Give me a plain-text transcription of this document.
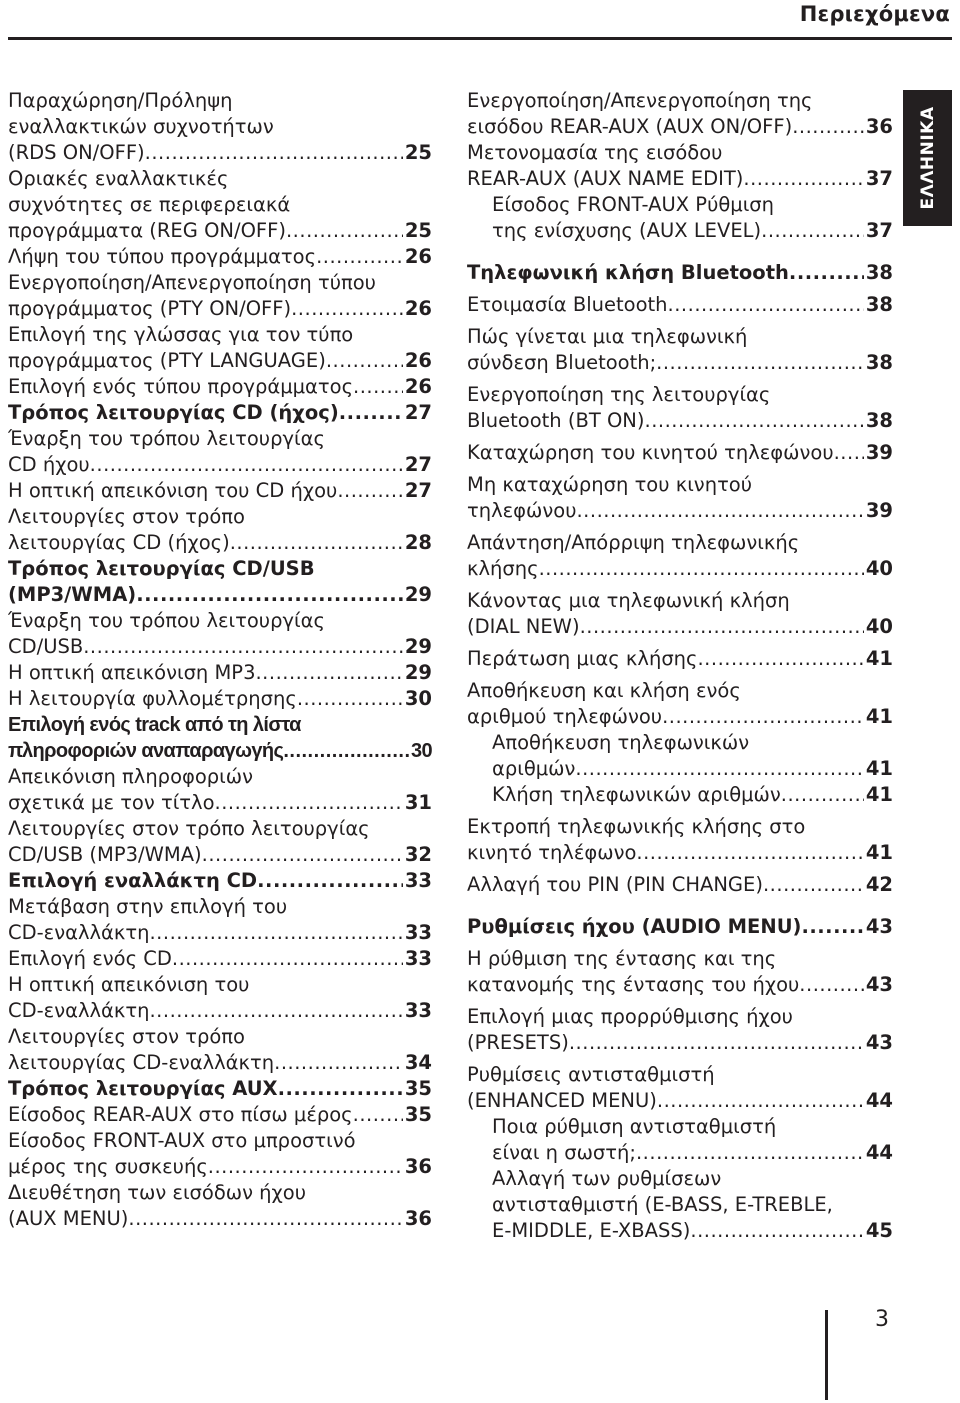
Περιεχόμενα
Παραχώρηση/Πρόληψη
εναλλακτικών συχνοτήτων
(RDS ON/OFF) .....	25
Οριακές εναλλακτικές
συχνότητες σε περιφερειακά
προγράμματα (REG ON/OFF) .....	25
Λήψη του τύπου προγράμματος .....	26
Ενεργοποίηση/Απενεργοποίηση τύπου
προγράμματος (PTY ON/OFF) .....	26
Επιλογή της γλώσσας για τον τύπο
προγράμματος (PTY LANGUAGE) .....	26
Επιλογή ενός τύπου προγράμματος .....	26
Τρόπος λειτουργίας CD (ήχος) .....	27
Έναρξη του τρόπου λειτουργίας
CD ήχου .....	27
Η οπτική απεικόνιση του CD ήχου .....	27
Λειτουργίες στον τρόπο
λειτουργίας CD (ήχος) .....	28
Τρόπος λειτουργίας CD/USB
(MP3/WMA) .....	29
Έναρξη του τρόπου λειτουργίας
CD/USB .....	29
Η οπτική απεικόνιση MP3 .....	29
Η λειτουργία φυλλομέτρησης .....	30
Επιλογή ενός track από τη λίστα
πληροφοριών αναπαραγωγής .....	30
Απεικόνιση πληροφοριών
σχετικά με τον τίτλο .....	31
Λειτουργίες στον τρόπο λειτουργίας
CD/USB (MP3/WMA) .....	32
Επιλογή εναλλάκτη CD .....	33
Μετάβαση στην επιλογή του
CD-εναλλάκτη .....	33
Επιλογή ενός CD .....	33
Η οπτική απεικόνιση του
CD-εναλλάκτη .....	33
Λειτουργίες στον τρόπο
λειτουργίας CD-εναλλάκτη .....	34
Τρόπος λειτουργίας AUX .....	35
Είσοδος REAR-AUX στο πίσω μέρος .....	35
Είσοδος FRONT-AUX στο μπροστινό
μέρος της συσκευής .....	36
Διευθέτηση των εισόδων ήχου
(AUX MENU) .....	36
Ενεργοποίηση/Απενεργοποίηση της
εισόδου REAR-AUX (AUX ON/OFF) .....	36
Μετονομασία της εισόδου
REAR-AUX (AUX NAME EDIT) .....	37
Είσοδος FRONT-AUX Ρύθμιση
της ενίσχυσης (AUX LEVEL) .....	37
Τηλεφωνική κλήση Bluetooth .....	38
Ετοιμασία Bluetooth .....	38
Πώς γίνεται μια τηλεφωνική
σύνδεση Bluetooth; .....	38
Ενεργοποίηση της λειτουργίας
Bluetooth (BT ON) .....	38
Καταχώρηση του κινητού τηλεφώνου ..... 39
Μη καταχώρηση του κινητού
τηλεφώνου .....	39
Απάντηση/Απόρριψη τηλεφωνικής
κλήσης .....	40
Κάνοντας μια τηλεφωνική κλήση
(DIAL NEW) .....	40
Περάτωση μιας κλήσης .....	41
Αποθήκευση και κλήση ενός
αριθμού τηλεφώνου .....	41
Αποθήκευση τηλεφωνικών
αριθμών .....	41
Κλήση τηλεφωνικών αριθμών .....	41
Εκτροπή τηλεφωνικής κλήσης στο
κινητό τηλέφωνο .....	41
Αλλαγή του PIN (PIN CHANGE) .....	42
Ρυθμίσεις ήχου (AUDIO MENU) .....	43
Η ρύθμιση της έντασης και της
κατανομής της έντασης του ήχου .....	43
Επιλογή μιας προρρύθμισης ήχου
(PRESETS) .....	43
Ρυθμίσεις αντισταθμιστή
(ENHANCED MENU) .....	44
Ποια ρύθμιση αντισταθμιστή
είναι η σωστή; .....	44
Αλλαγή των ρυθμίσεων
αντισταθμιστή (E-BASS, E-TREBLE,
E-MIDDLE, E-XBASS) .....	45
ΕΛΛΗΝΙΚΑ
3
